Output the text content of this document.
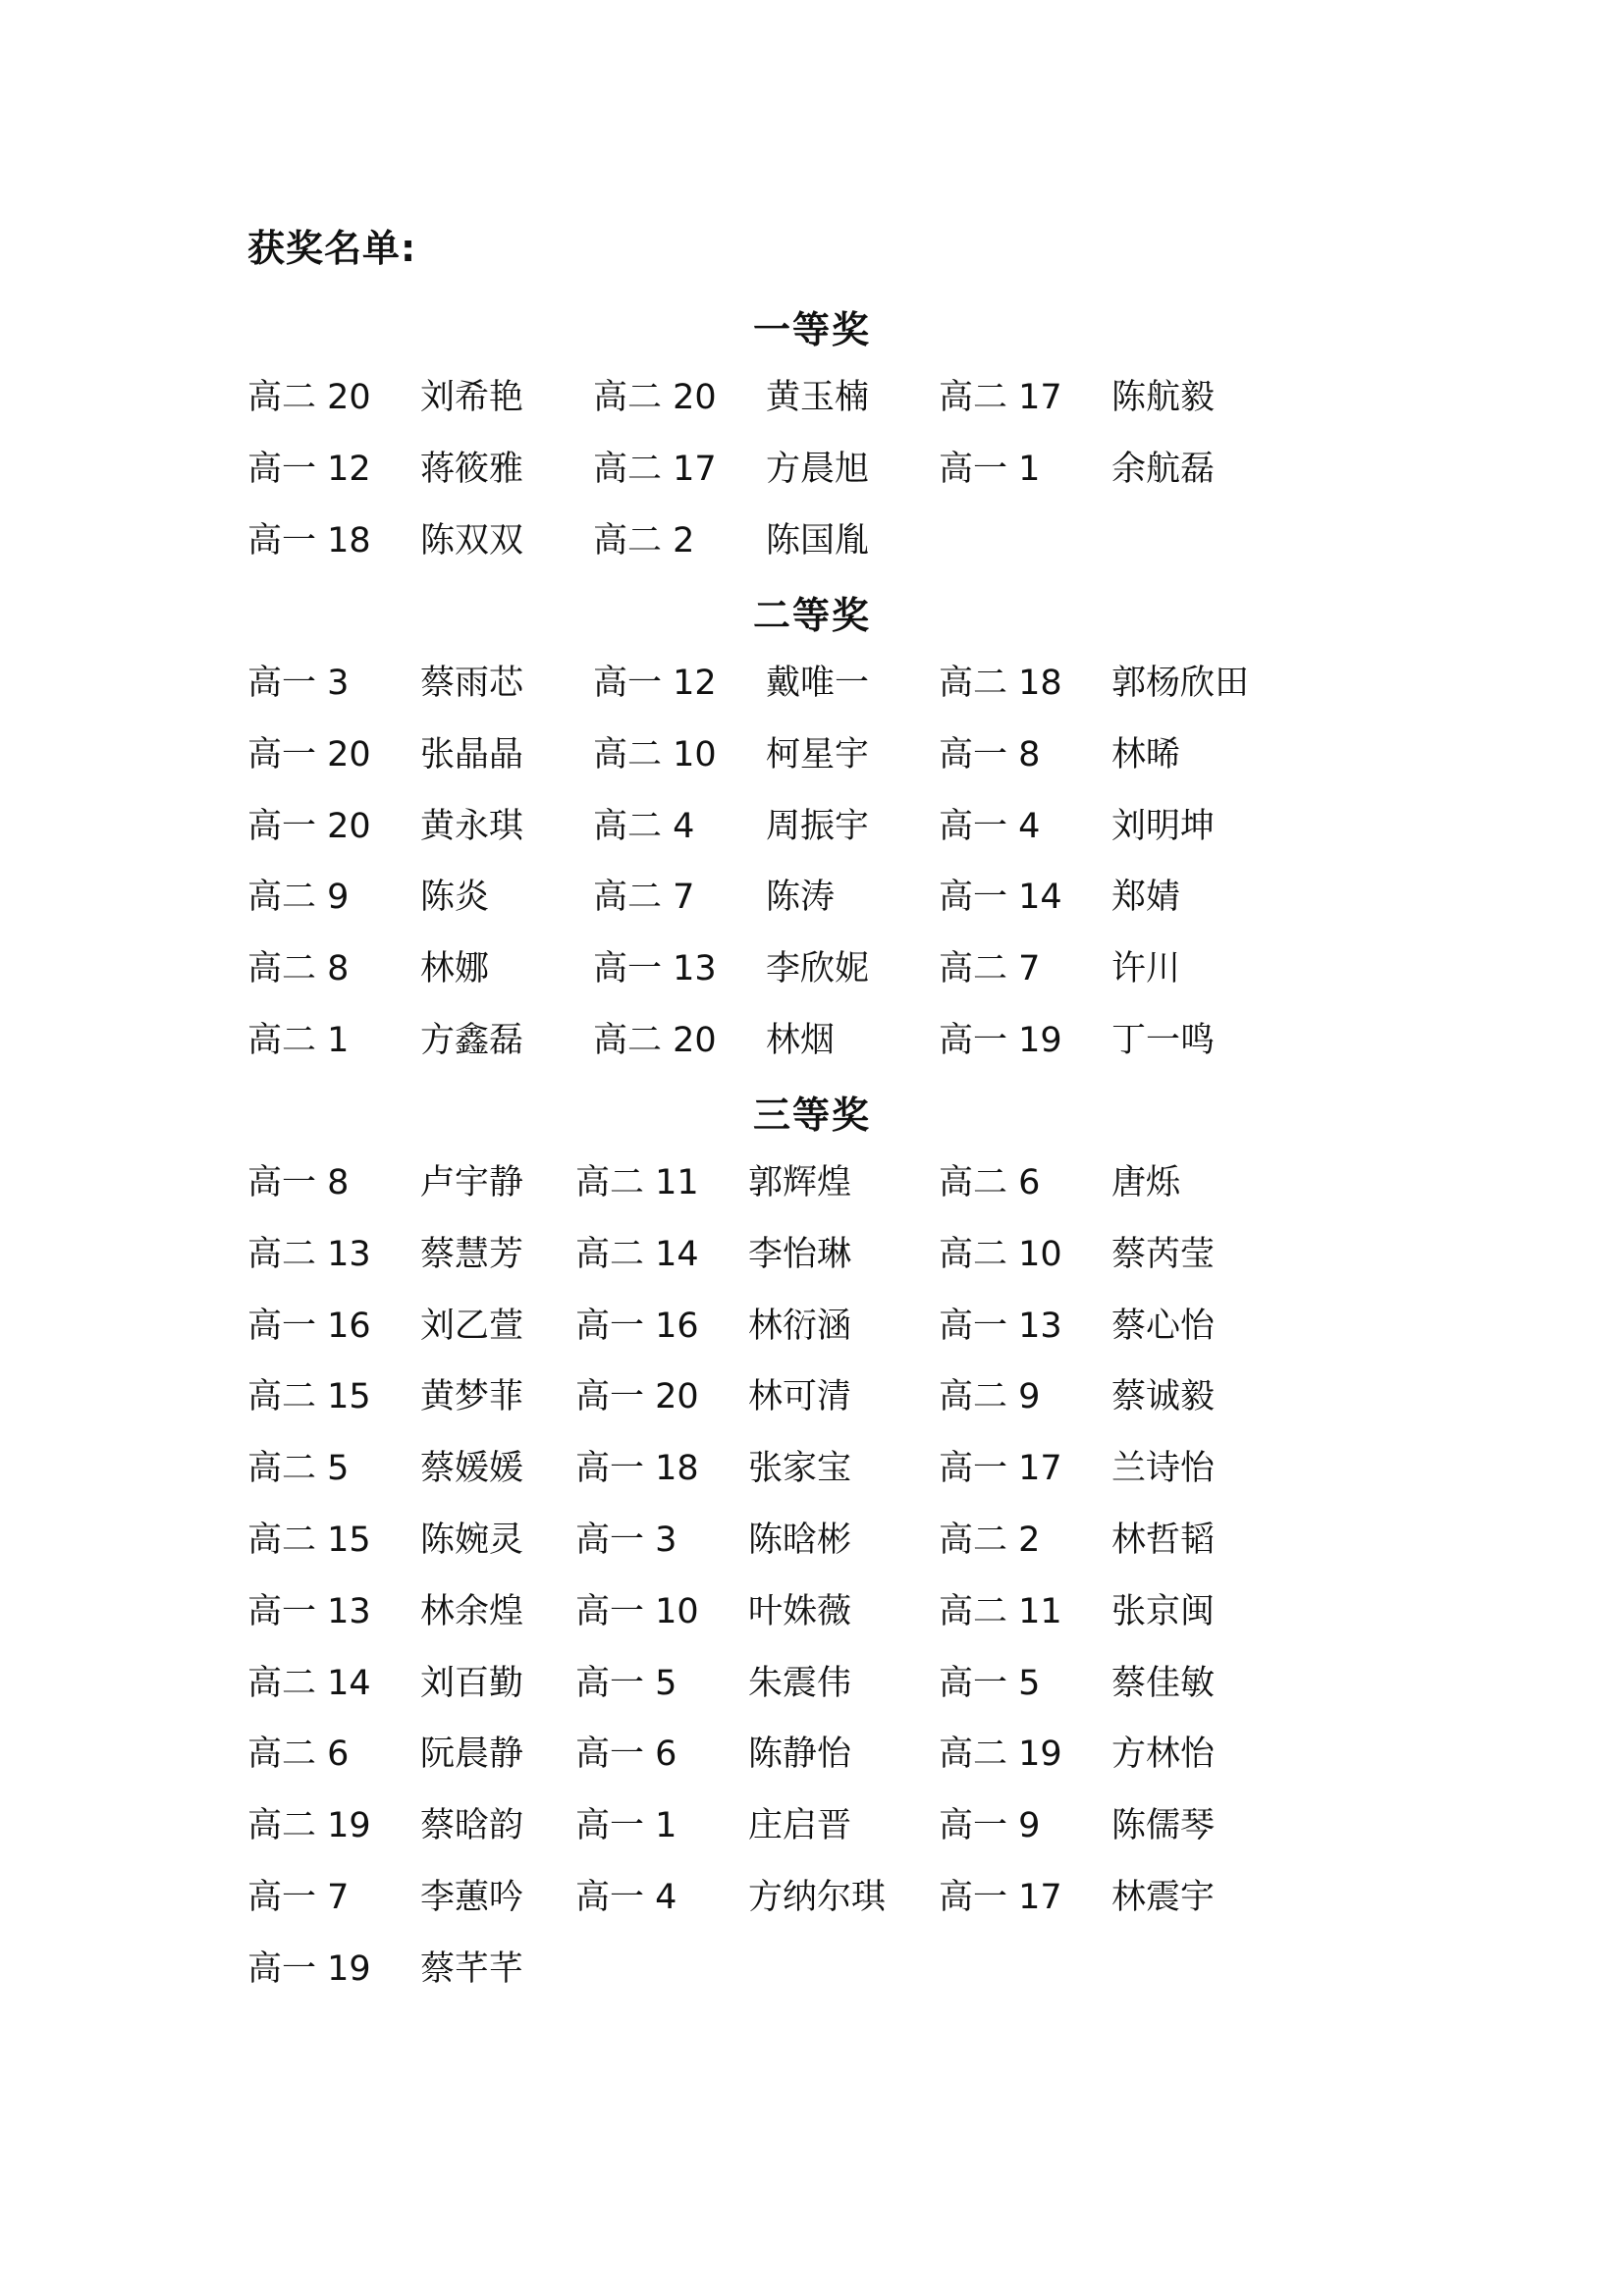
获奖名单:
一等奖
高二 20 刘希艳 高二 20 黄玉楠 高二 17 陈航毅
高一 12 蒋筱雅 高二 17 方晨旭 高一 1 余航磊
高一 18 陈双双 高二 2 陈国胤
二等奖
高一 3 蔡雨芯 高一 12 戴唯一 高二 18 郭杨欣田
高一 20 张晶晶 高二 10 柯星宇 高一 8 林晞
高一 20 黄永琪 高二 4 周振宇 高一 4 刘明坤
高二 9 陈炎	高二 7 陈涛	高一 14 郑婧
高二 8 林娜	高一 13 李欣妮 高二 7 许川
高二 1 方鑫磊 高二 20 林烟	高一 19 丁一鸣
三等奖
高一 8 卢宇静 高二 11 郭辉煌	高二 6 唐烁
高二 13 蔡慧芳 高二 14 李怡琳	高二 10 蔡芮莹
高一 16 刘乙萱 高一 16 林衍涵	高一 13 蔡心怡
高二 15 黄梦菲 高一 20 林可清	高二 9 蔡诚毅
高二 5 蔡媛媛 高一 18 张家宝	高一 17 兰诗怡
高二 15 陈婉灵 高一 3 陈晗彬	高二 2 林哲韬
高一 13 林余煌 高一 10 叶姝薇	高二 11 张京闽
高二 14 刘百勤 高一 5 朱震伟	高一 5 蔡佳敏
高二 6 阮晨静 高一 6 陈静怡	高二 19 方林怡
高二 19 蔡晗韵 高一 1 庄启晋	高一 9 陈儒琴
高一 7 李蕙吟 高一 4 方纳尔琪 高一 17 林震宇
高一 19 蔡芊芊
